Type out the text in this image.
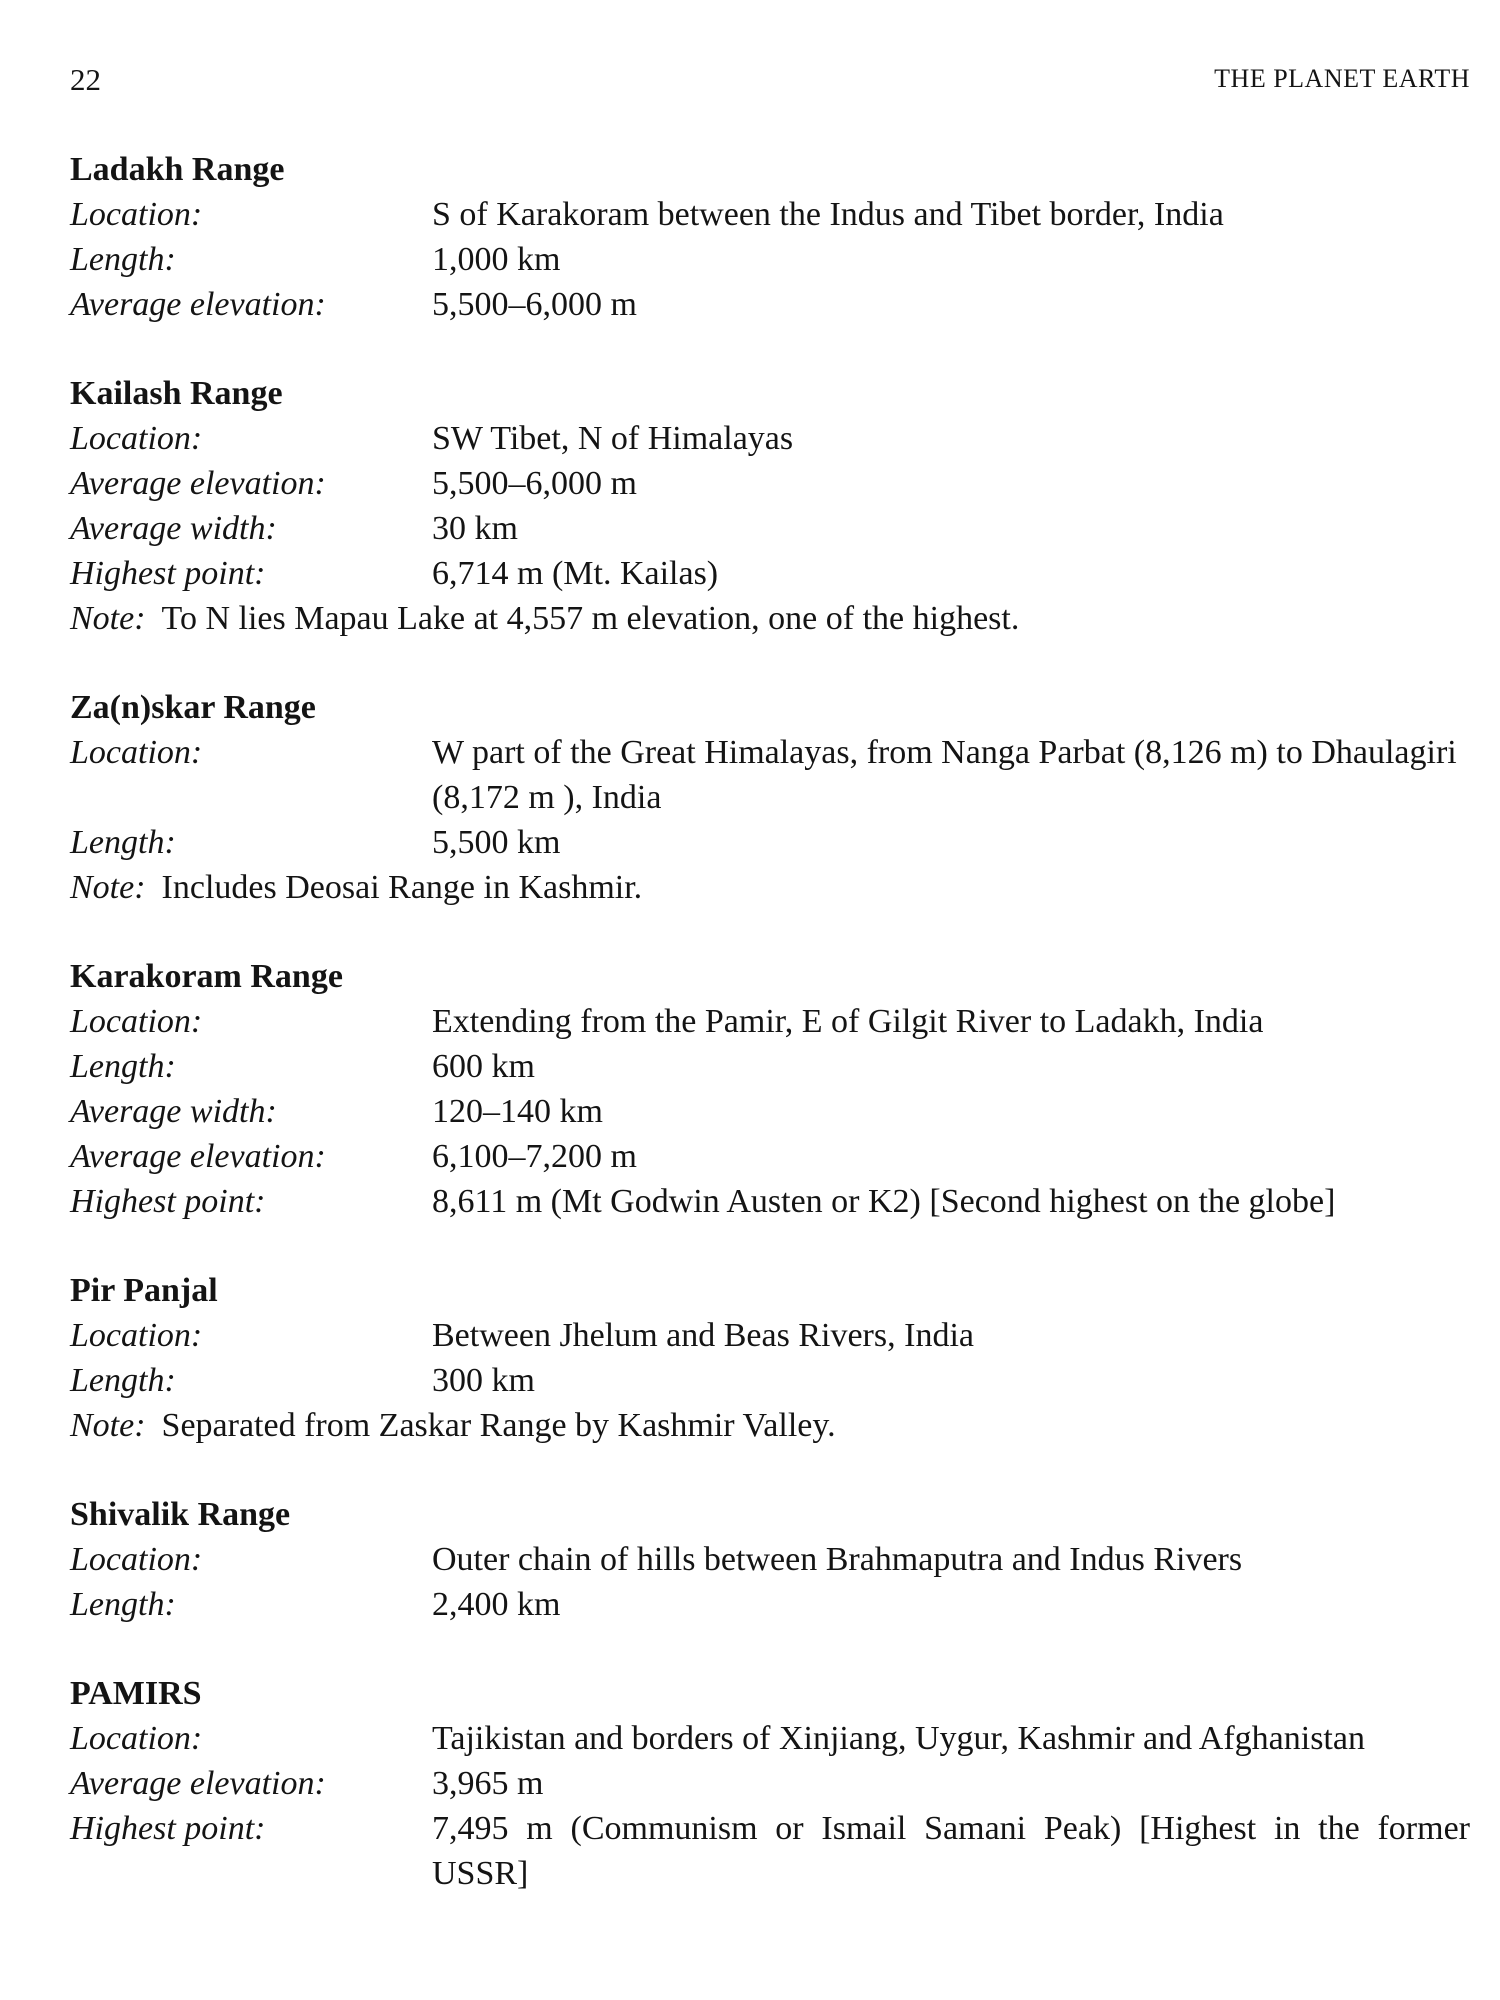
22	THE PLANET EARTH
Ladakh Range
Location:	S of Karakoram between the Indus and Tibet border, India
Length:	1,000 km
Average elevation:	5,500–6,000 m
Kailash Range
Location:	SW Tibet, N of Himalayas
Average elevation:	5,500–6,000 m
Average width:	30 km
Highest point:	6,714 m (Mt. Kailas)
Note: To N lies Mapau Lake at 4,557 m elevation, one of the highest.
Za(n)skar Range
Location:	W part of the Great Himalayas, from Nanga Parbat (8,126 m) to Dhaulagiri (8,172 m ), India
Length:	5,500 km
Note: Includes Deosai Range in Kashmir.
Karakoram Range
Location:	Extending from the Pamir, E of Gilgit River to Ladakh, India
Length:	600 km
Average width:	120–140 km
Average elevation:	6,100–7,200 m
Highest point:	8,611 m (Mt Godwin Austen or K2) [Second highest on the globe]
Pir Panjal
Location:	Between Jhelum and Beas Rivers, India
Length:	300 km
Note: Separated from Zaskar Range by Kashmir Valley.
Shivalik Range
Location:	Outer chain of hills between Brahmaputra and Indus Rivers
Length:	2,400 km
PAMIRS
Location:	Tajikistan and borders of Xinjiang, Uygur, Kashmir and Afghanistan
Average elevation:	3,965 m
Highest point:	7,495 m (Communism or Ismail Samani Peak) [Highest in the former USSR]
